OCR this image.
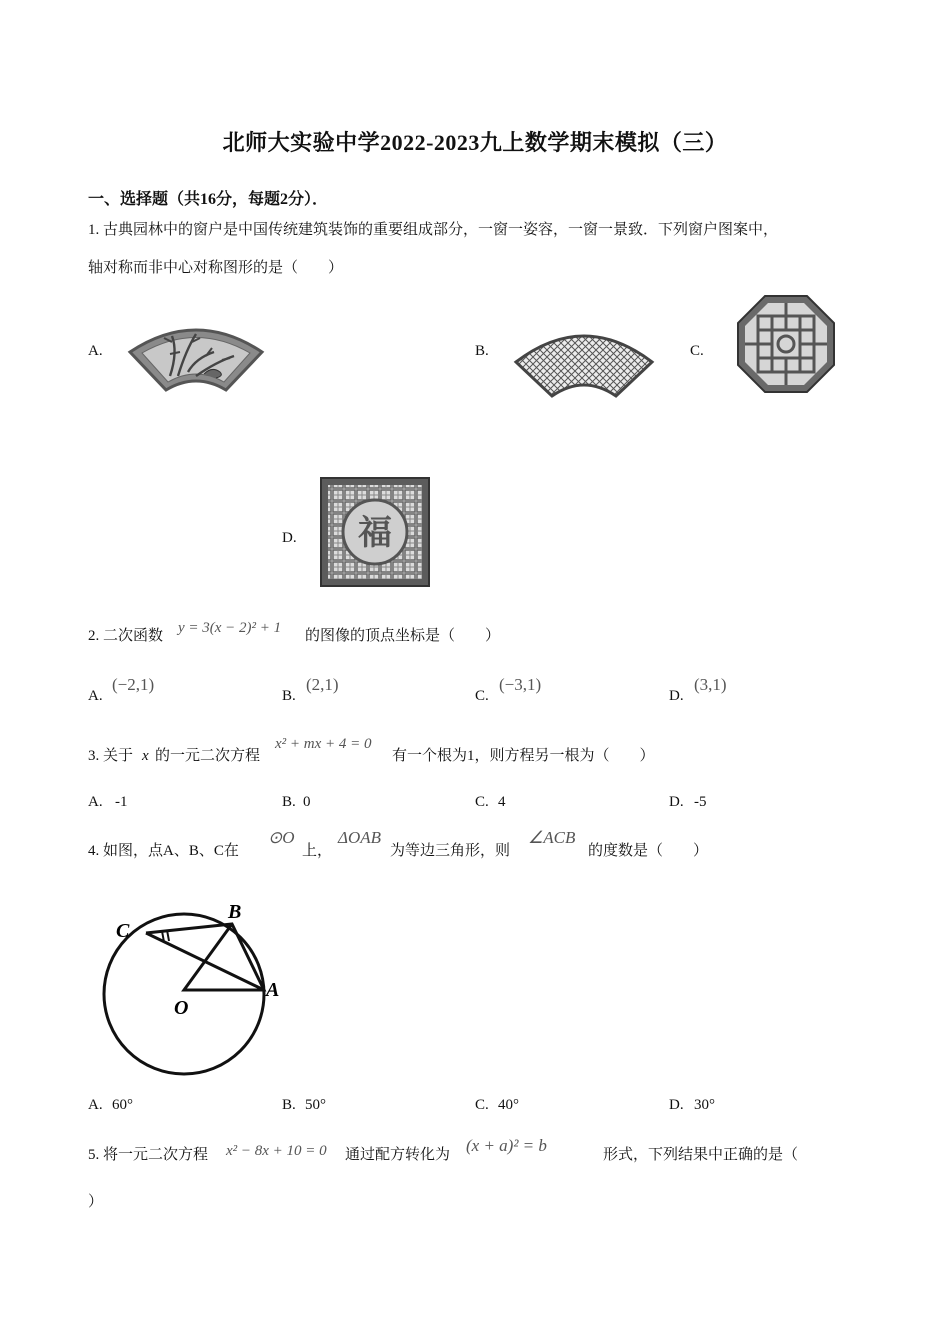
北师大实验中学2022-2023九上数学期末模拟（三）
一、选择题（共16分，每题2分）．
1. 古典园林中的窗户是中国传统建筑装饰的重要组成部分，一窗一姿容，一窗一景致．下列窗户图案中，
轴对称而非中心对称图形的是（　　）
A.	B.	C.
D. 福
2. 二次函数 y = 3(x − 2)² + 1 的图像的顶点坐标是（　　）
A.
(−2,1)
B.
(2,1)
C.
(−3,1)
D.
(3,1)
3. 关于 x 的一元二次方程
x² + mx + 4 = 0
有一个根为1，则方程另一根为（　　）
A. -1	B. 0	C. 4	D. -5
4. 如图，点A、B、C在
⊙O
上，
ΔOAB
为等边三角形，则
∠ACB
的度数是（　　）
C
B
A
O
A. 60°	B. 50°	C. 40°	D. 30°
5. 将一元二次方程 x² − 8x + 10 = 0 通过配方转化为 (x + a)² = b	形式，下列结果中正确的是（
）
